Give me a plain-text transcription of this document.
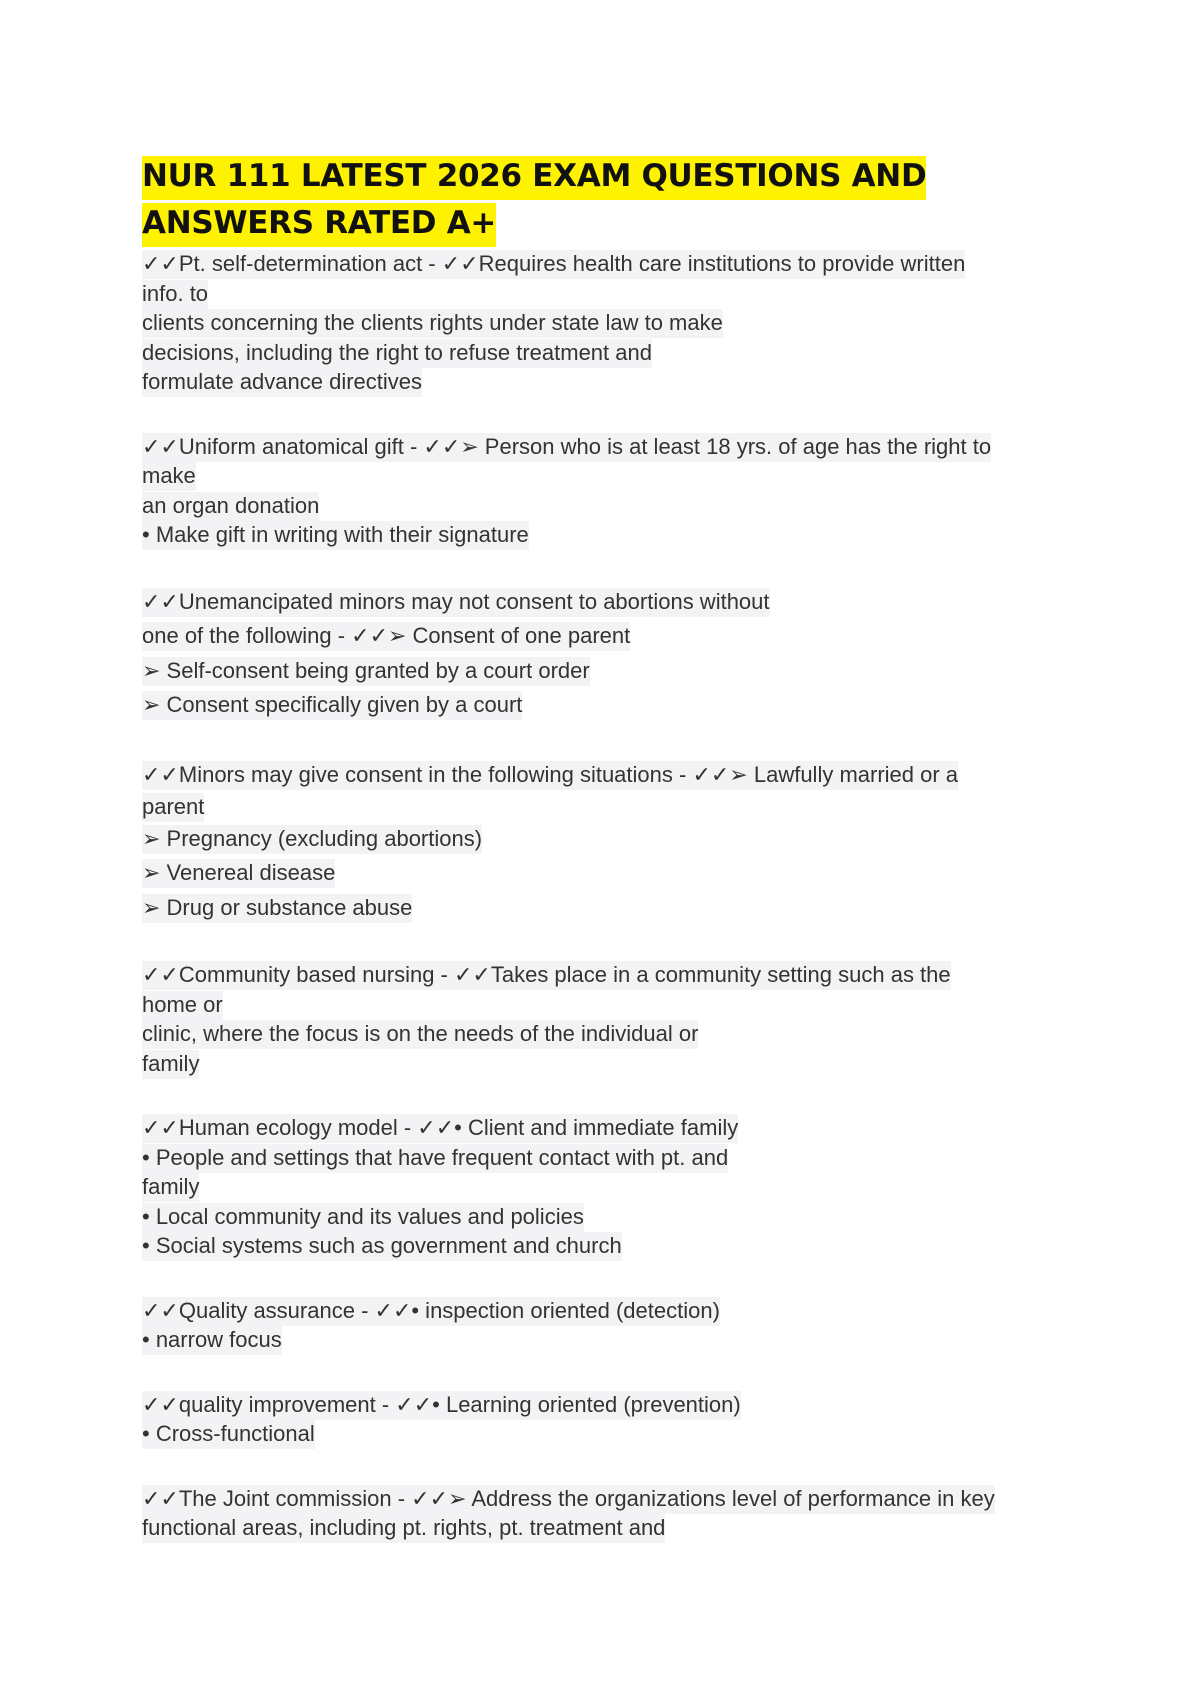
NUR 111 LATEST 2026 EXAM QUESTIONS AND ANSWERS RATED A+
✓✓Pt. self-determination act - ✓✓Requires health care institutions to provide written
info. to
clients concerning the clients rights under state law to make
decisions, including the right to refuse treatment and
formulate advance directives
✓✓Uniform anatomical gift - ✓✓➢ Person who is at least 18 yrs. of age has the right to
make
an organ donation
• Make gift in writing with their signature
✓✓Unemancipated minors may not consent to abortions without
one of the following - ✓✓➢ Consent of one parent
➢ Self-consent being granted by a court order
➢ Consent specifically given by a court
✓✓Minors may give consent in the following situations - ✓✓➢ Lawfully married or a
parent
➢ Pregnancy (excluding abortions)
➢ Venereal disease
➢ Drug or substance abuse
✓✓Community based nursing - ✓✓Takes place in a community setting such as the
home or
clinic, where the focus is on the needs of the individual or
family
✓✓Human ecology model - ✓✓• Client and immediate family
• People and settings that have frequent contact with pt. and
family
• Local community and its values and policies
• Social systems such as government and church
✓✓Quality assurance - ✓✓• inspection oriented (detection)
• narrow focus
✓✓quality improvement - ✓✓• Learning oriented (prevention)
• Cross-functional
✓✓The Joint commission - ✓✓➢ Address the organizations level of performance in key
functional areas, including pt. rights, pt. treatment and
